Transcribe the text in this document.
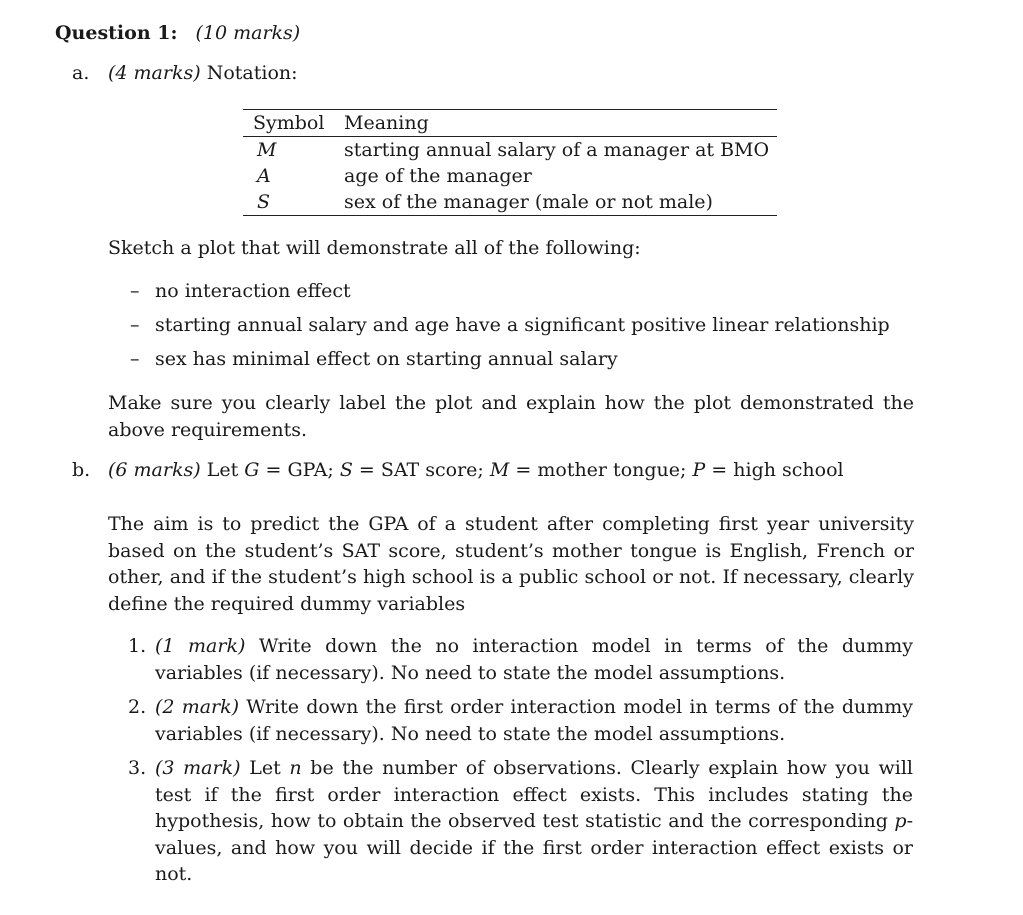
Question 1: (10 marks)
a. (4 marks) Notation:
Symbol	Meaning
M	starting annual salary of a manager at BMO
A	age of the manager
S	sex of the manager (male or not male)
Sketch a plot that will demonstrate all of the following:
– no interaction effect
– starting annual salary and age have a significant positive linear relationship
– sex has minimal effect on starting annual salary
Make sure you clearly label the plot and explain how the plot demonstrated the above requirements.
b. (6 marks) Let G = GPA; S = SAT score; M = mother tongue; P = high school
The aim is to predict the GPA of a student after completing first year university based on the student’s SAT score, student’s mother tongue is English, French or other, and if the student’s high school is a public school or not. If necessary, clearly define the required dummy variables
1. (1 mark) Write down the no interaction model in terms of the dummy variables (if necessary). No need to state the model assumptions.
2. (2 mark) Write down the first order interaction model in terms of the dummy variables (if necessary). No need to state the model assumptions.
3. (3 mark) Let n be the number of observations. Clearly explain how you will test if the first order interaction effect exists. This includes stating the hypothesis, how to obtain the observed test statistic and the corresponding p-values, and how you will decide if the first order interaction effect exists or not.
